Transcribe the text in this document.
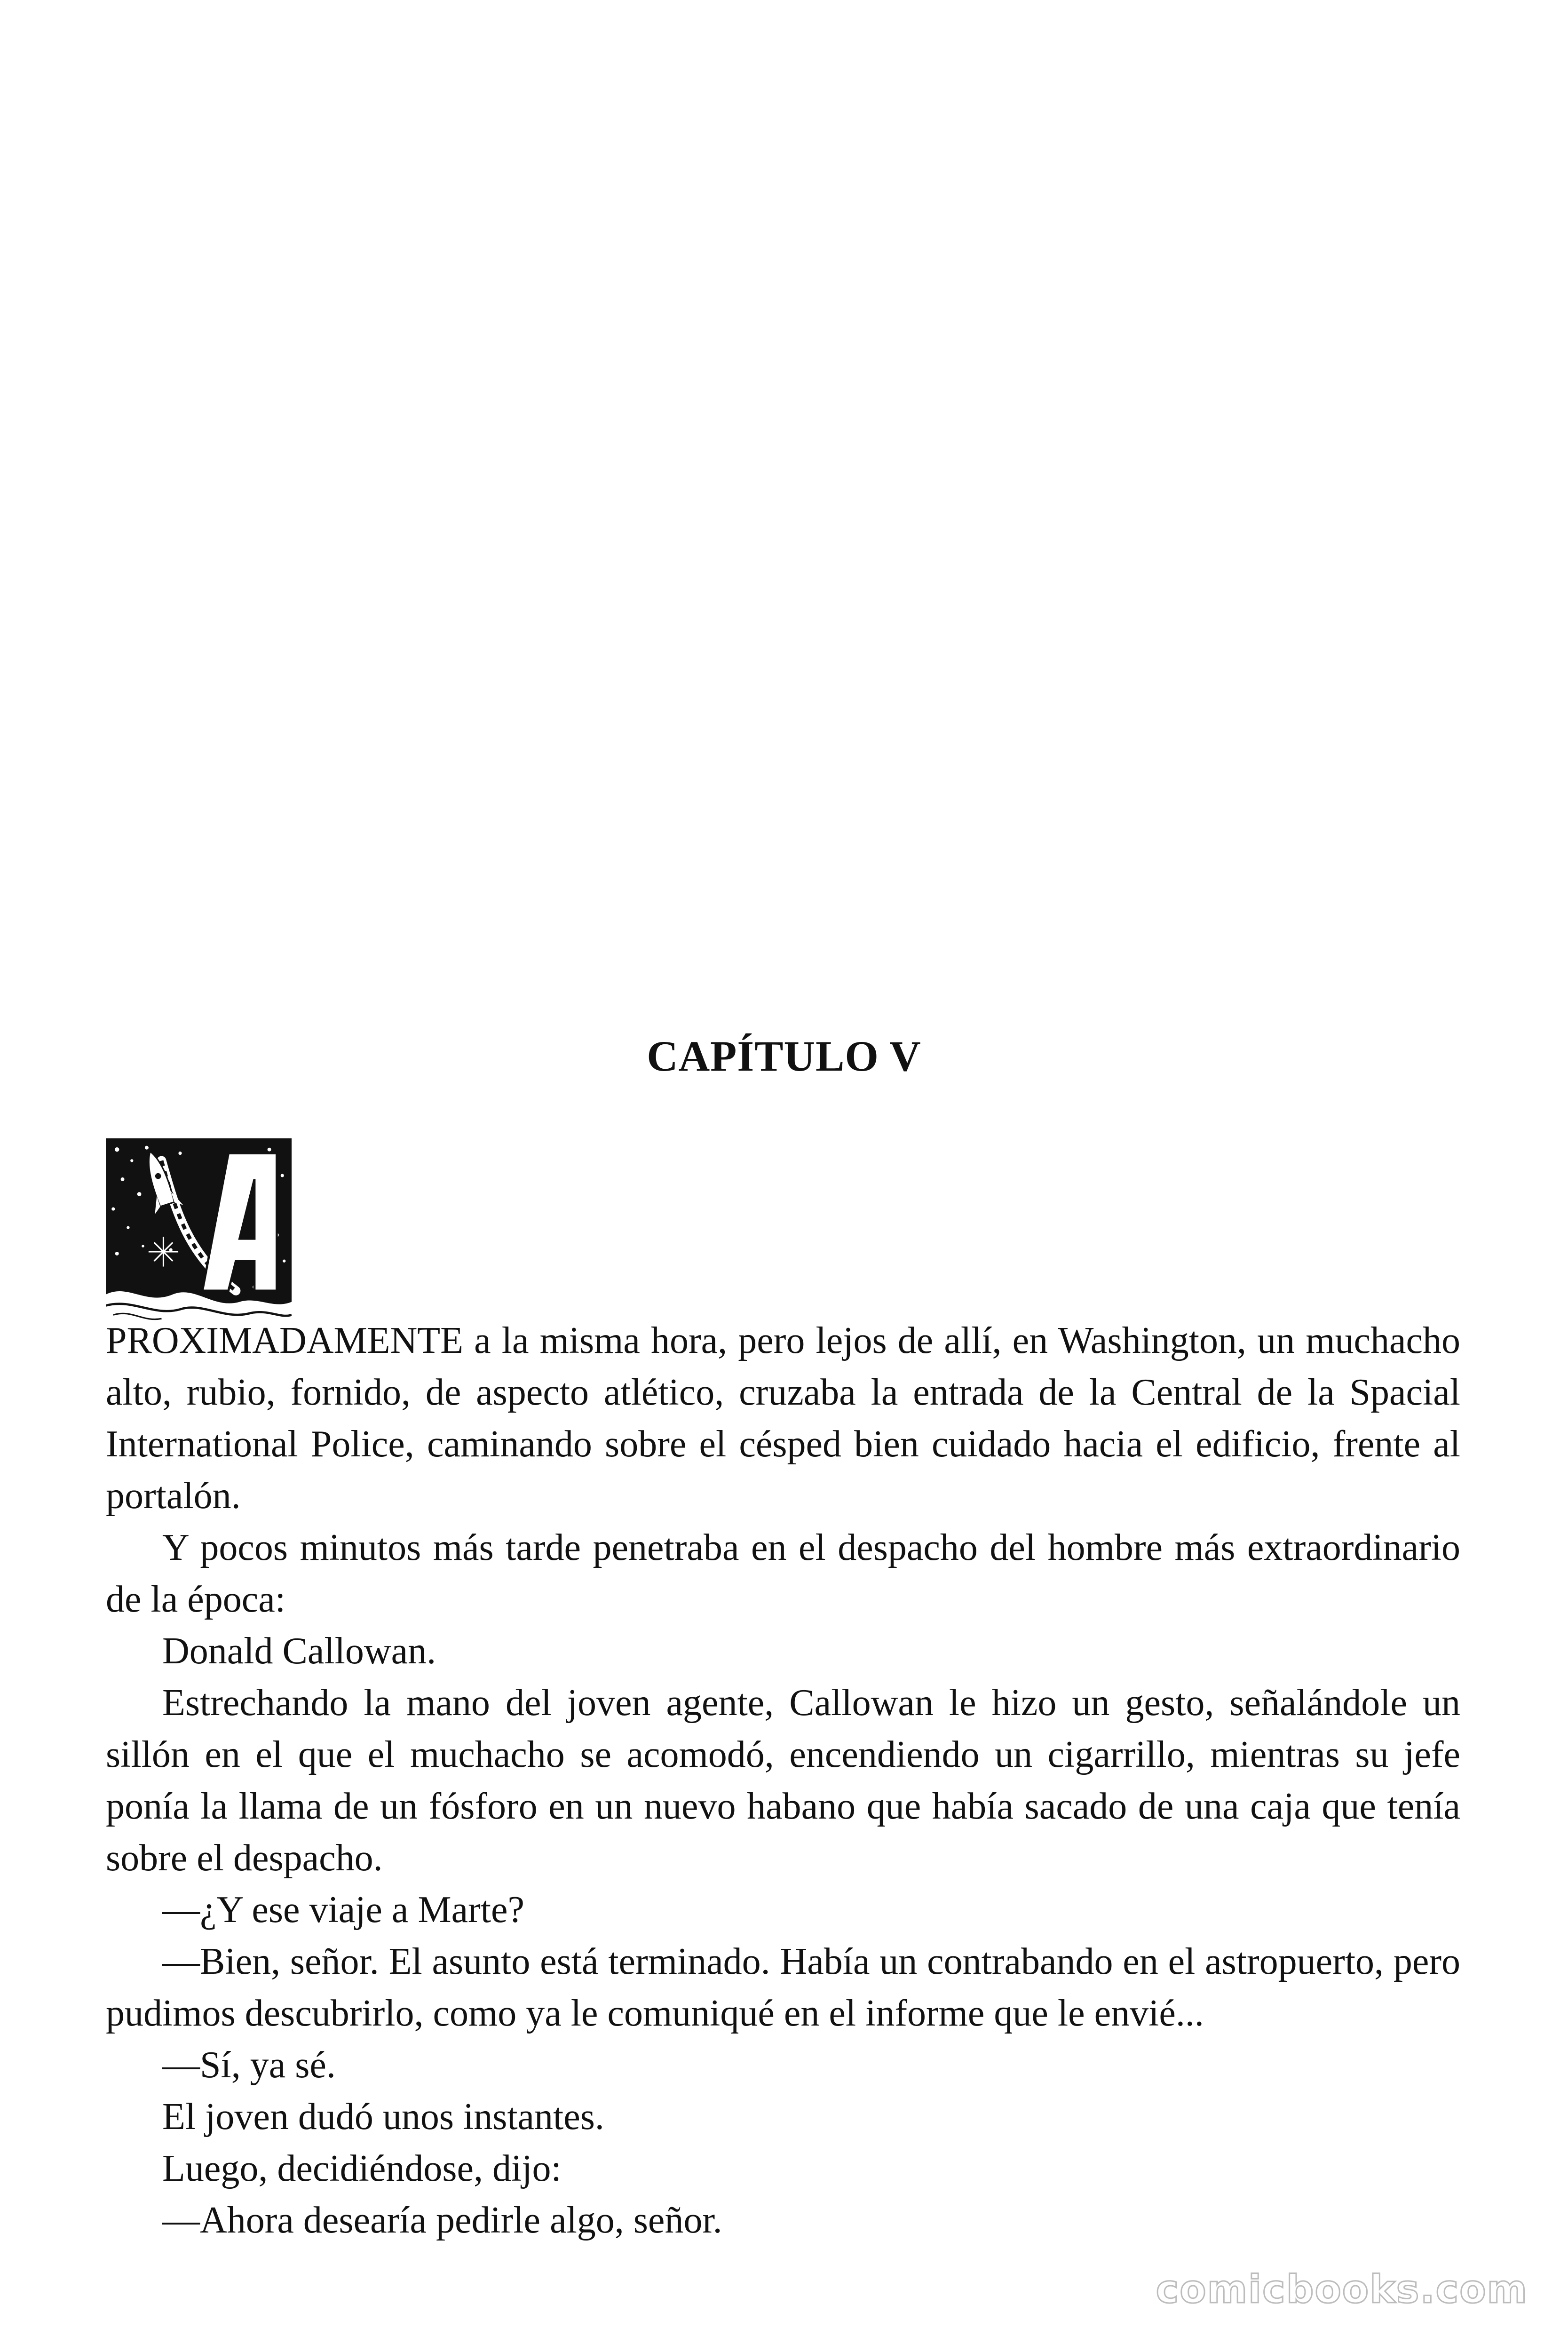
CAPÍTULO V

PROXIMADAMENTE a la misma hora, pero lejos de allí, en Washington, un muchacho alto, rubio, fornido, de aspecto atlético, cruzaba la entrada de la Central de la Spacial International Police, caminando sobre el césped bien cuidado hacia el edificio, frente al portalón.

Y pocos minutos más tarde penetraba en el despacho del hombre más extraordinario de la época:

Donald Callowan.

Estrechando la mano del joven agente, Callowan le hizo un gesto, señalándole un sillón en el que el muchacho se acomodó, encendiendo un cigarrillo, mientras su jefe ponía la llama de un fósforo en un nuevo habano que había sacado de una caja que tenía sobre el despacho.

—¿Y ese viaje a Marte?

—Bien, señor. El asunto está terminado. Había un contrabando en el astropuerto, pero pudimos descubrirlo, como ya le comuniqué en el informe que le envié...

—Sí, ya sé.

El joven dudó unos instantes.

Luego, decidiéndose, dijo:

—Ahora desearía pedirle algo, señor.

comicbooks.com
